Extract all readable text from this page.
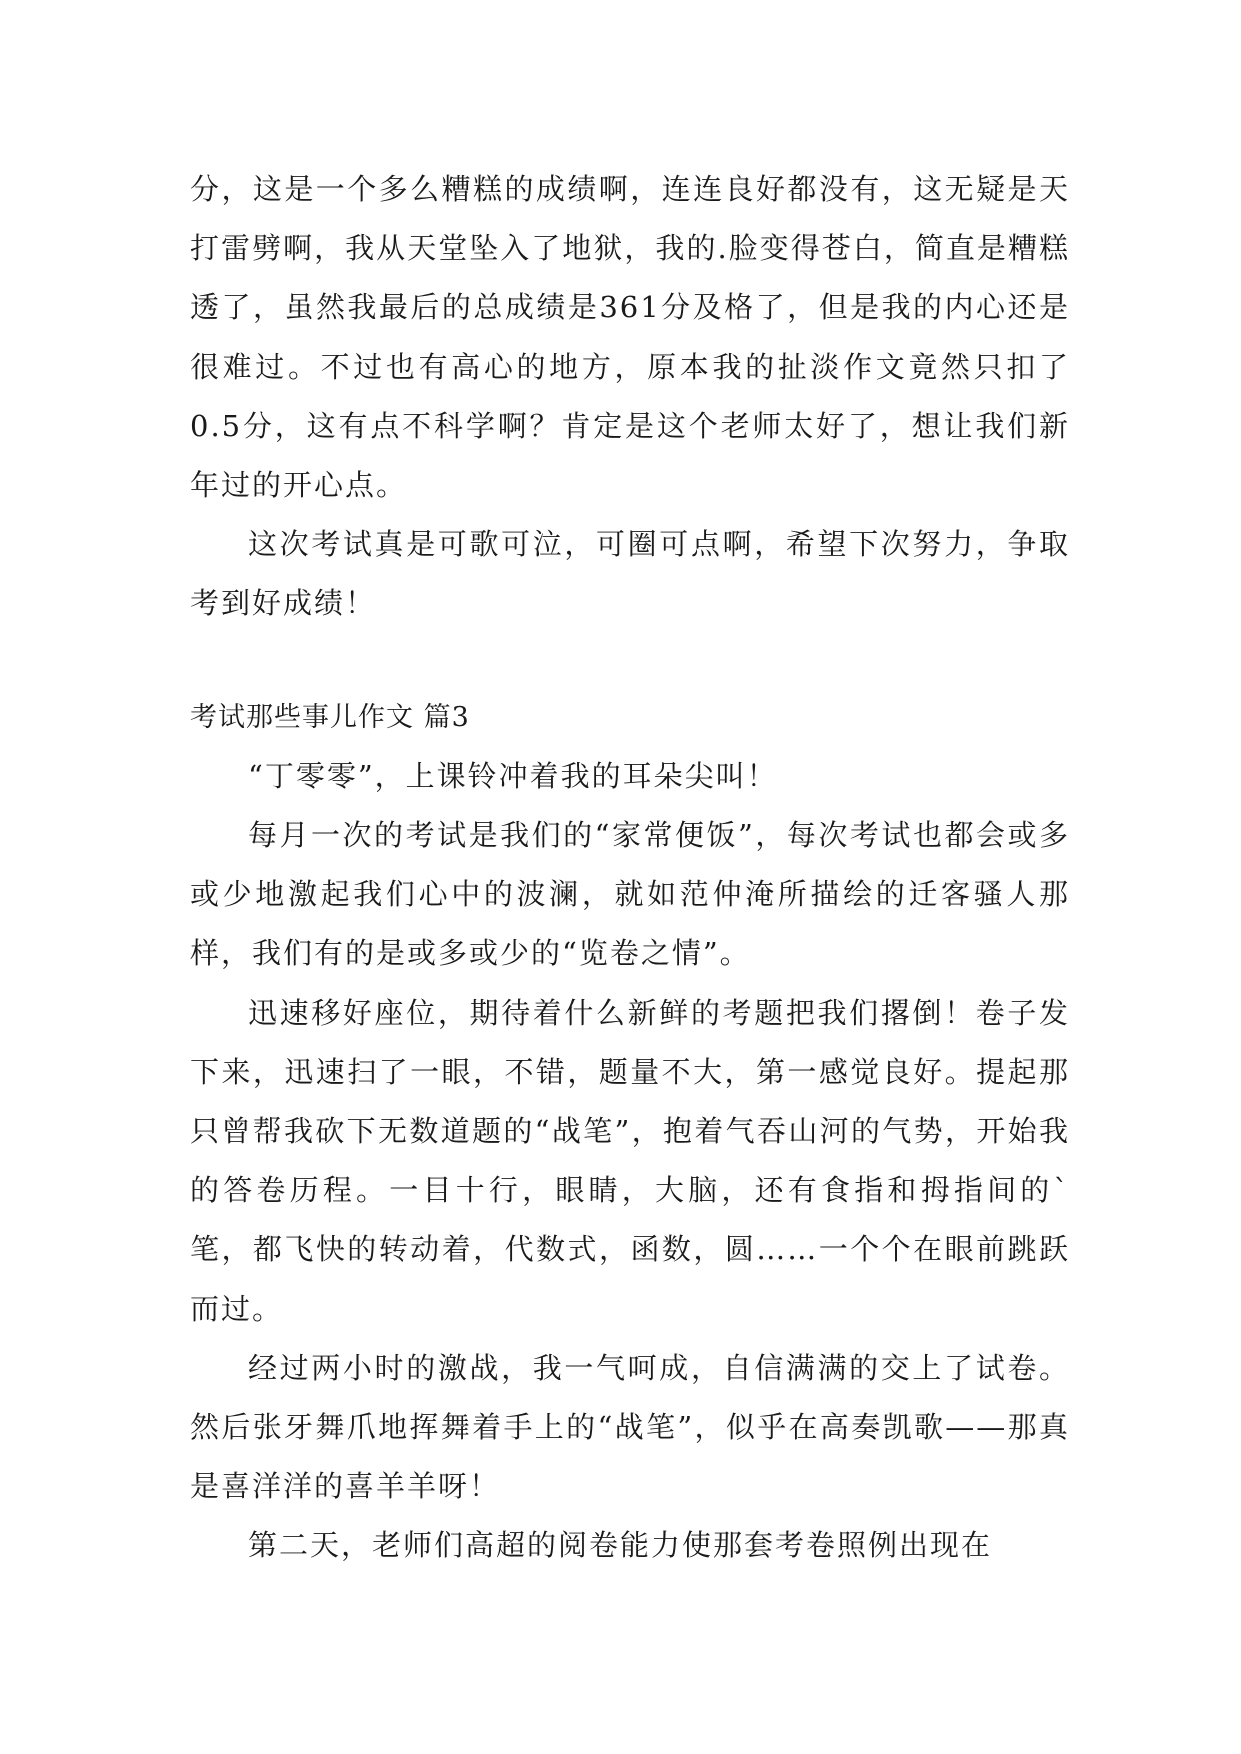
分，这是一个多么糟糕的成绩啊，连连良好都没有，这无疑是天打雷劈啊，我从天堂坠入了地狱，我的.脸变得苍白，简直是糟糕透了，虽然我最后的总成绩是361分及格了，但是我的内心还是很难过。不过也有高心的地方，原本我的扯淡作文竟然只扣了0.5分，这有点不科学啊？肯定是这个老师太好了，想让我们新年过的开心点。

这次考试真是可歌可泣，可圈可点啊，希望下次努力，争取考到好成绩！

考试那些事儿作文 篇3

“丁零零”，上课铃冲着我的耳朵尖叫！

每月一次的考试是我们的“家常便饭”，每次考试也都会或多或少地激起我们心中的波澜，就如范仲淹所描绘的迁客骚人那样，我们有的是或多或少的“览卷之情”。

迅速移好座位，期待着什么新鲜的考题把我们撂倒！卷子发下来，迅速扫了一眼，不错，题量不大，第一感觉良好。提起那只曾帮我砍下无数道题的“战笔”，抱着气吞山河的气势，开始我的答卷历程。一目十行，眼睛，大脑，还有食指和拇指间的`笔，都飞快的转动着，代数式，函数，圆……一个个在眼前跳跃而过。

经过两小时的激战，我一气呵成，自信满满的交上了试卷。然后张牙舞爪地挥舞着手上的“战笔”，似乎在高奏凯歌——那真是喜洋洋的喜羊羊呀！

第二天，老师们高超的阅卷能力使那套考卷照例出现在
